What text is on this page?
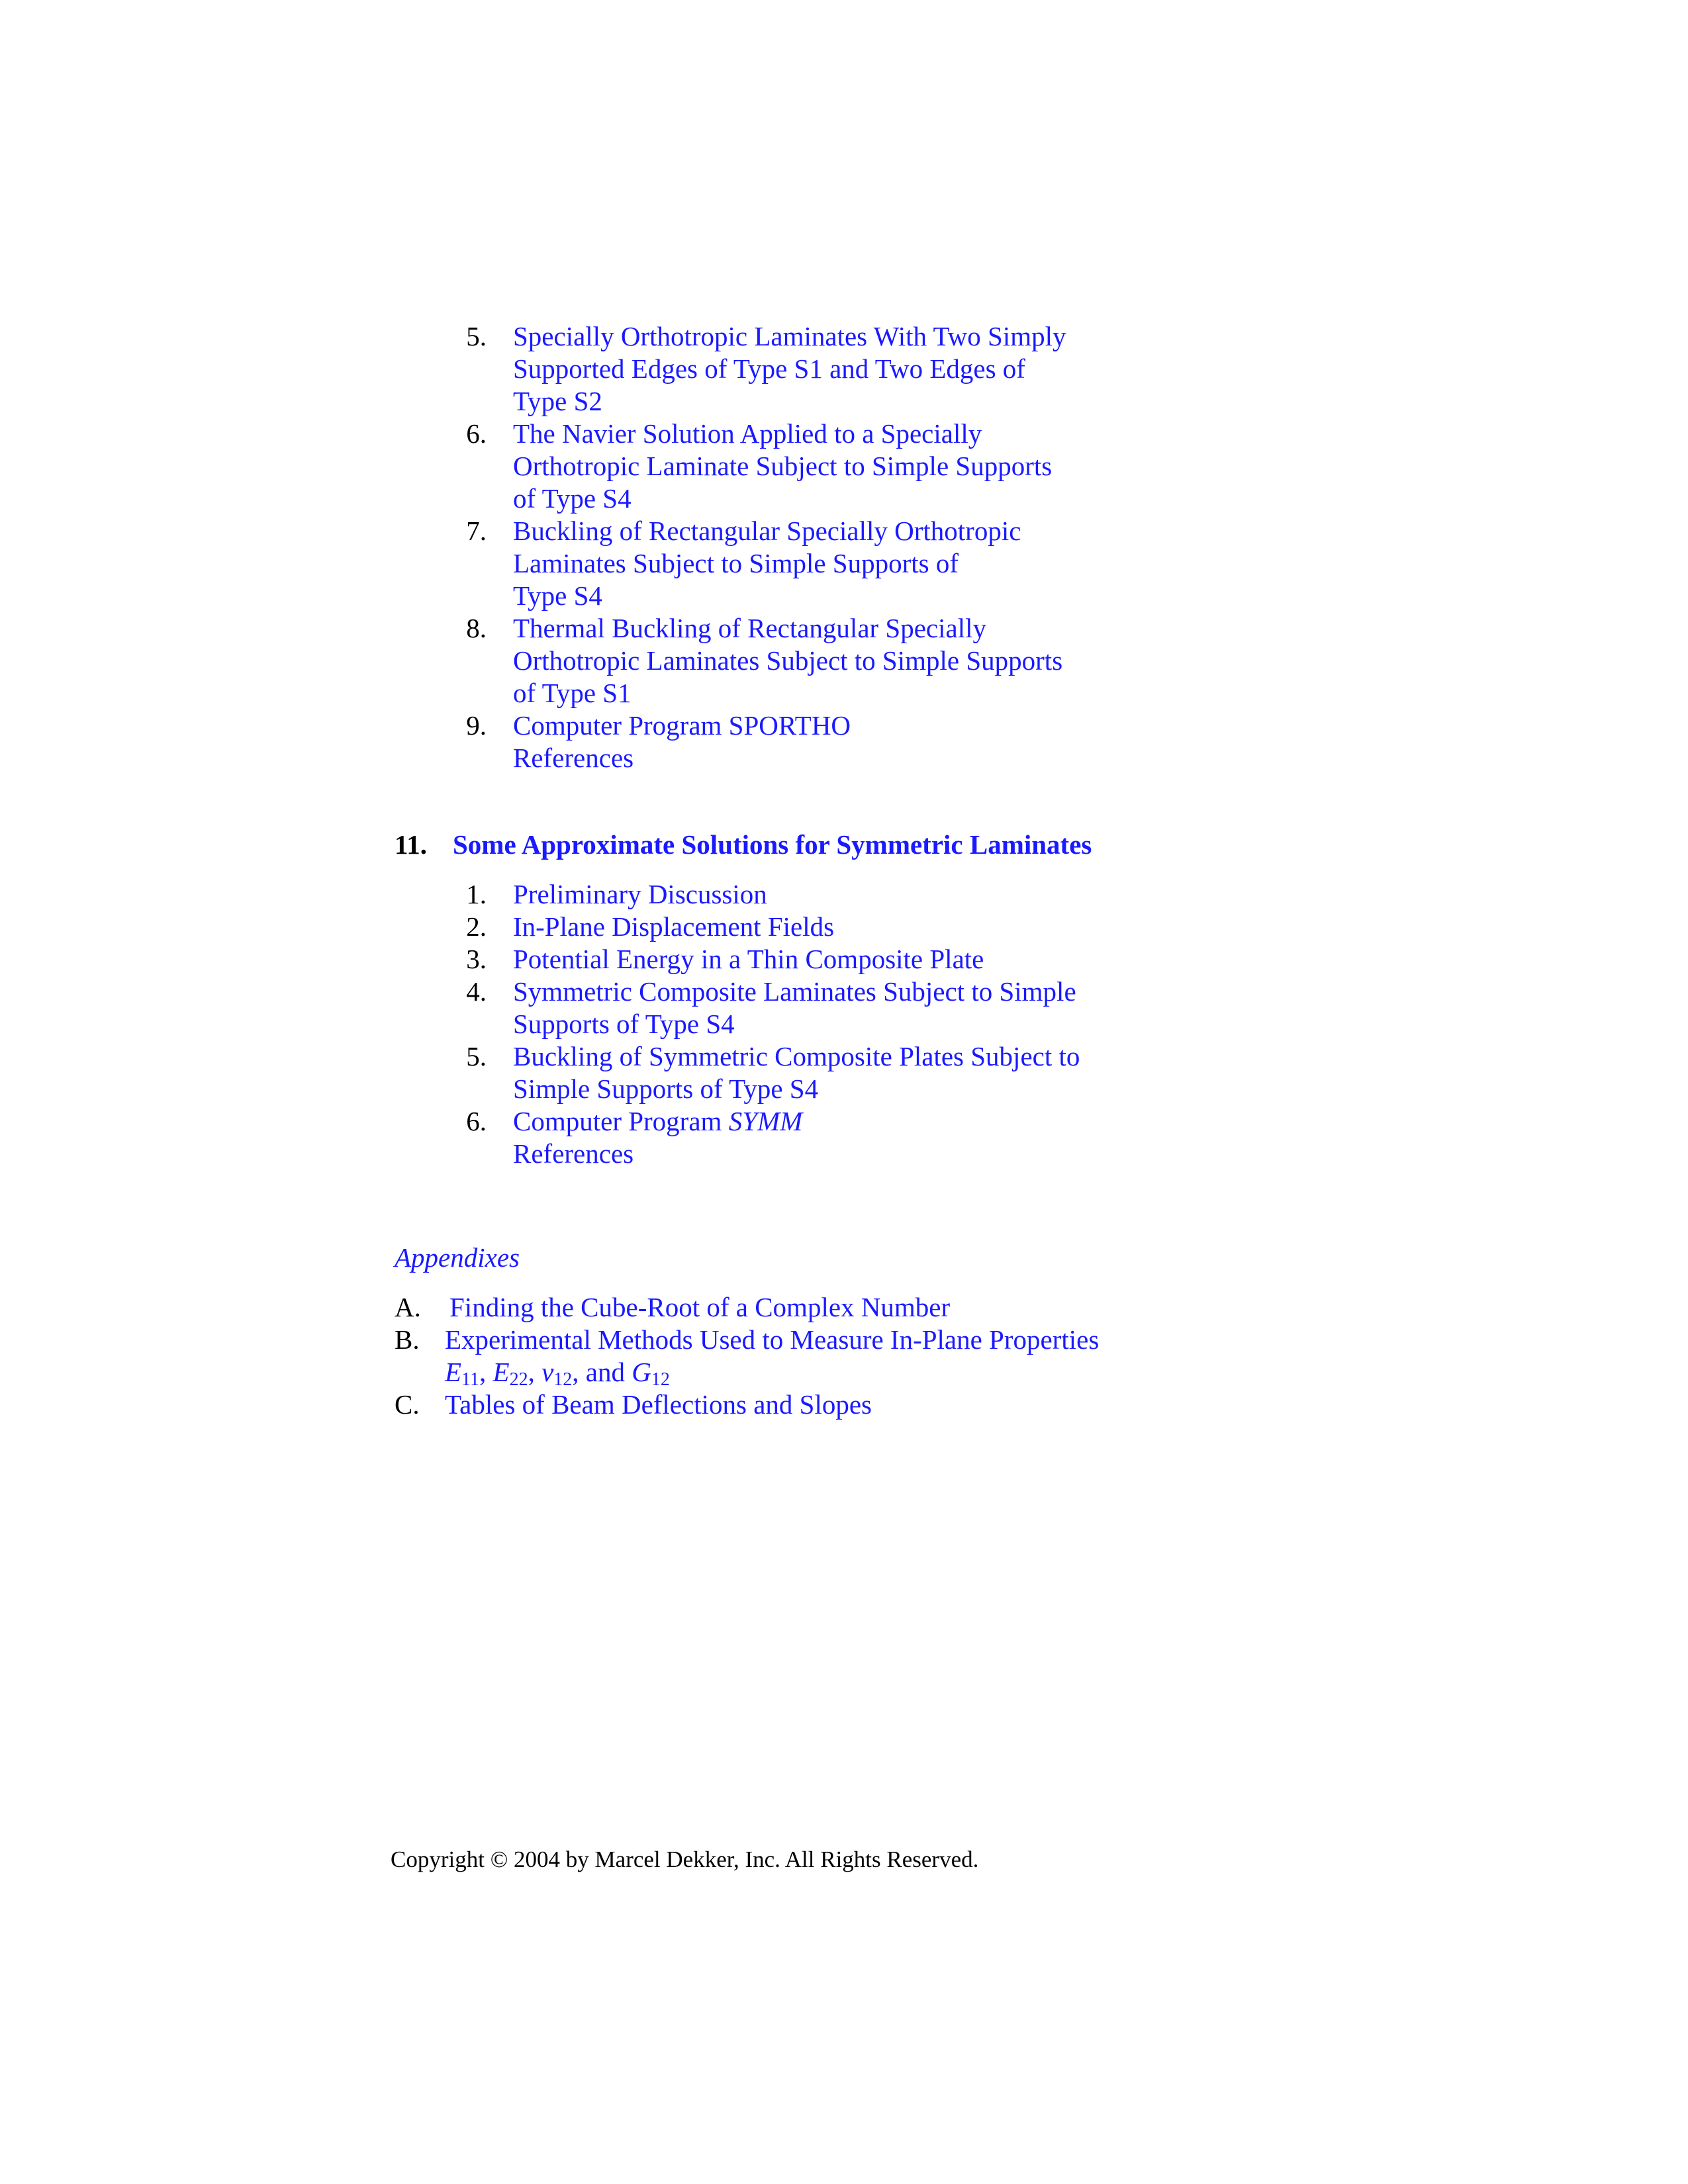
5. Specially Orthotropic Laminates With Two Simply
Supported Edges of Type S1 and Two Edges of
Type S2
6. The Navier Solution Applied to a Specially
Orthotropic Laminate Subject to Simple Supports
of Type S4
7. Buckling of Rectangular Specially Orthotropic
Laminates Subject to Simple Supports of
Type S4
8. Thermal Buckling of Rectangular Specially
Orthotropic Laminates Subject to Simple Supports
of Type S1
9. Computer Program SPORTHO
References
11. Some Approximate Solutions for Symmetric Laminates
1. Preliminary Discussion
2. In-Plane Displacement Fields
3. Potential Energy in a Thin Composite Plate
4. Symmetric Composite Laminates Subject to Simple
Supports of Type S4
5. Buckling of Symmetric Composite Plates Subject to
Simple Supports of Type S4
6. Computer Program SYMM
References
Appendixes
A. Finding the Cube-Root of a Complex Number
B. Experimental Methods Used to Measure In-Plane Properties
$E_{11}$, $E_{22}$, $v_{12}$, and $G_{12}$
C. Tables of Beam Deflections and Slopes
Copyright © 2004 by Marcel Dekker, Inc. All Rights Reserved.
